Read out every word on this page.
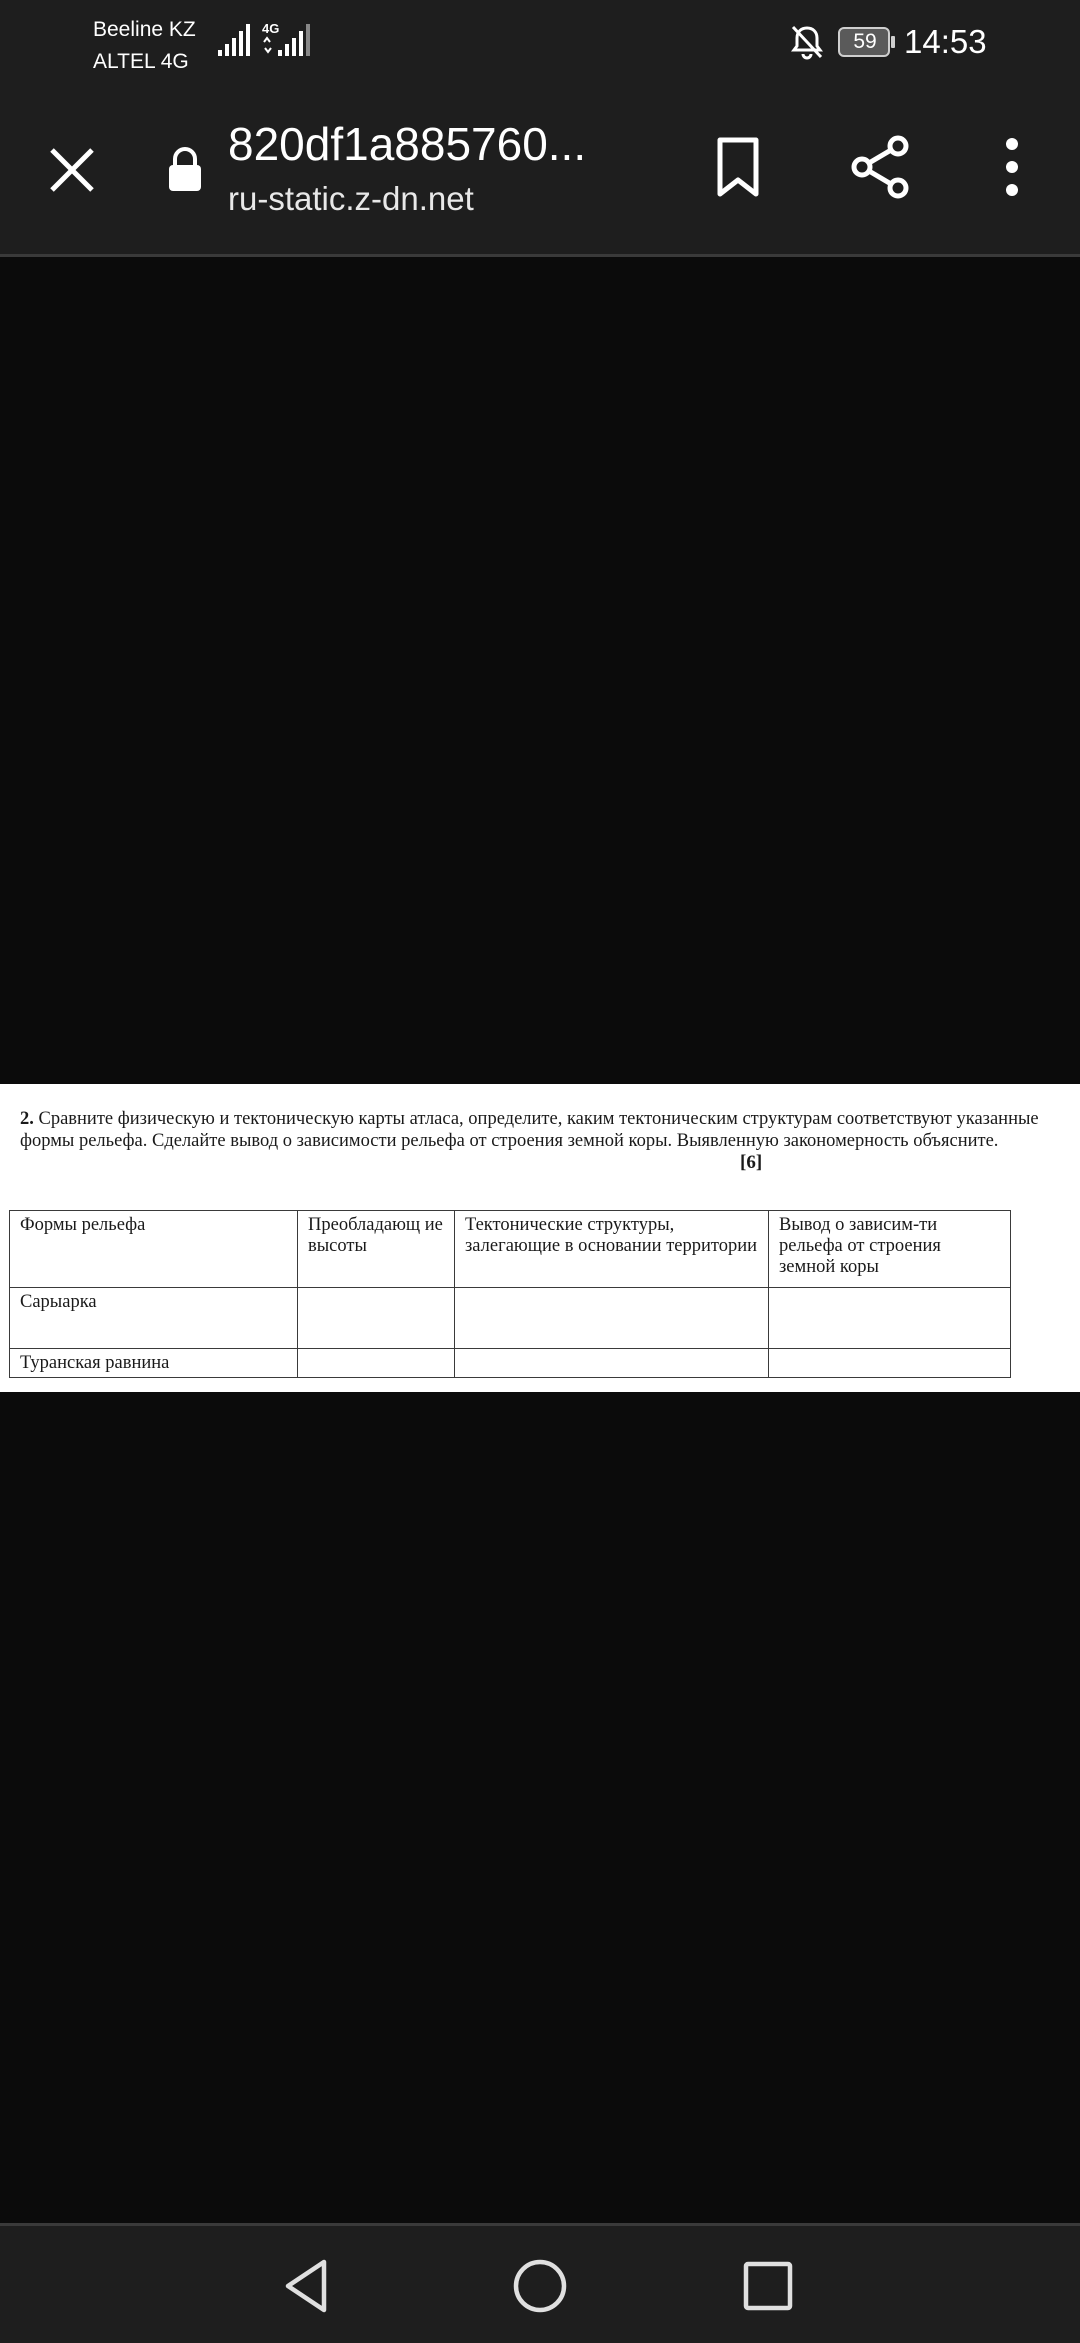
Beeline KZ
ALTEL 4G
4G
59 14:53
820df1a885760...
ru-static.z-dn.net
2. Сравните физическую и тектоническую карты атласа, определите, каким тектоническим структурам соответствуют указанные формы рельефа. Сделайте вывод о зависимости рельефа от строения земной коры. Выявленную закономерность объясните.
[6]
Формы рельефа	Преобладающ ие высоты	Тектонические структуры, залегающие в основании территории	Вывод о зависим-ти рельефа от строения земной коры
Сарыарка			
Туранская равнина			
